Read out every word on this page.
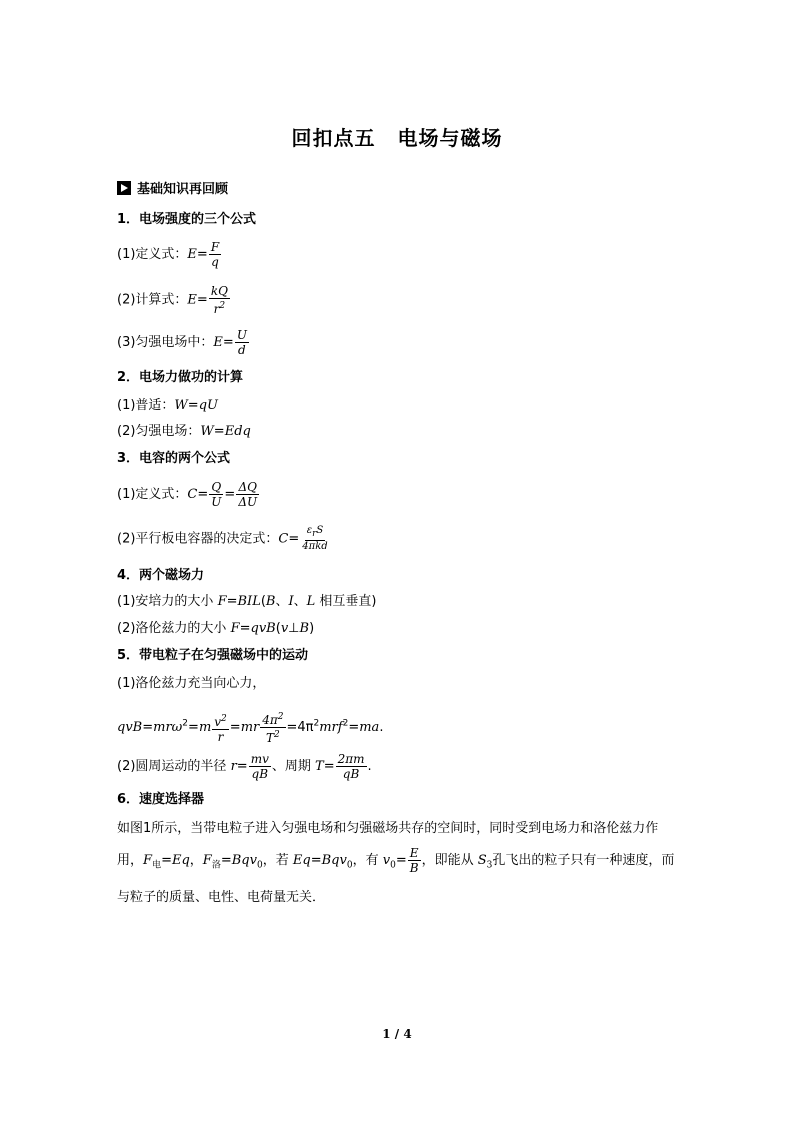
回扣点五 电场与磁场
基础知识再回顾
1．电场强度的三个公式
(1)定义式：$E= \frac{F}{q}$
(2)计算式：$E= \frac{kQ}{r^2}$
(3)匀强电场中：$E= \frac{U}{d}$
2．电场力做功的计算
(1)普适：W=qU
(2)匀强电场：W=Edq
3．电容的两个公式
(1)定义式：$C= \frac{Q}{U} = \frac{\Delta Q}{\Delta U}$
(2)平行板电容器的决定式：$C= \frac{\varepsilon_rS}{\text{4πkd}}$
4．两个磁场力
(1)安培力的大小 F=BIL(B、I、L 相互垂直)
(2)洛伦兹力的大小 F=qvB(v⊥B)
5．带电粒子在匀强磁场中的运动
(1)洛伦兹力充当向心力，
$qvB=mr\omega^2=m \frac{v^2}{r} =mr \frac{4\pi^2}{T^2} =4\pi^2mrf^2=ma$.
(2)圆周运动的半径 $r= \frac{mv}{qB}$ 、周期 $T= \frac{2\pi m}{qB}$ .
6．速度选择器
如图1所示，当带电粒子进入匀强电场和匀强磁场共存的空间时，同时受到电场力和洛伦兹力作用，$F_电=Eq$，$F_洛=Bqv_0$，若 Eq=Bqv$_0$，有 $v_0= \frac{E}{B}$ ，即能从 $S_3$孔飞出的粒子只有一种速度，而与粒子的质量、电性、电荷量无关．
1 / 4
